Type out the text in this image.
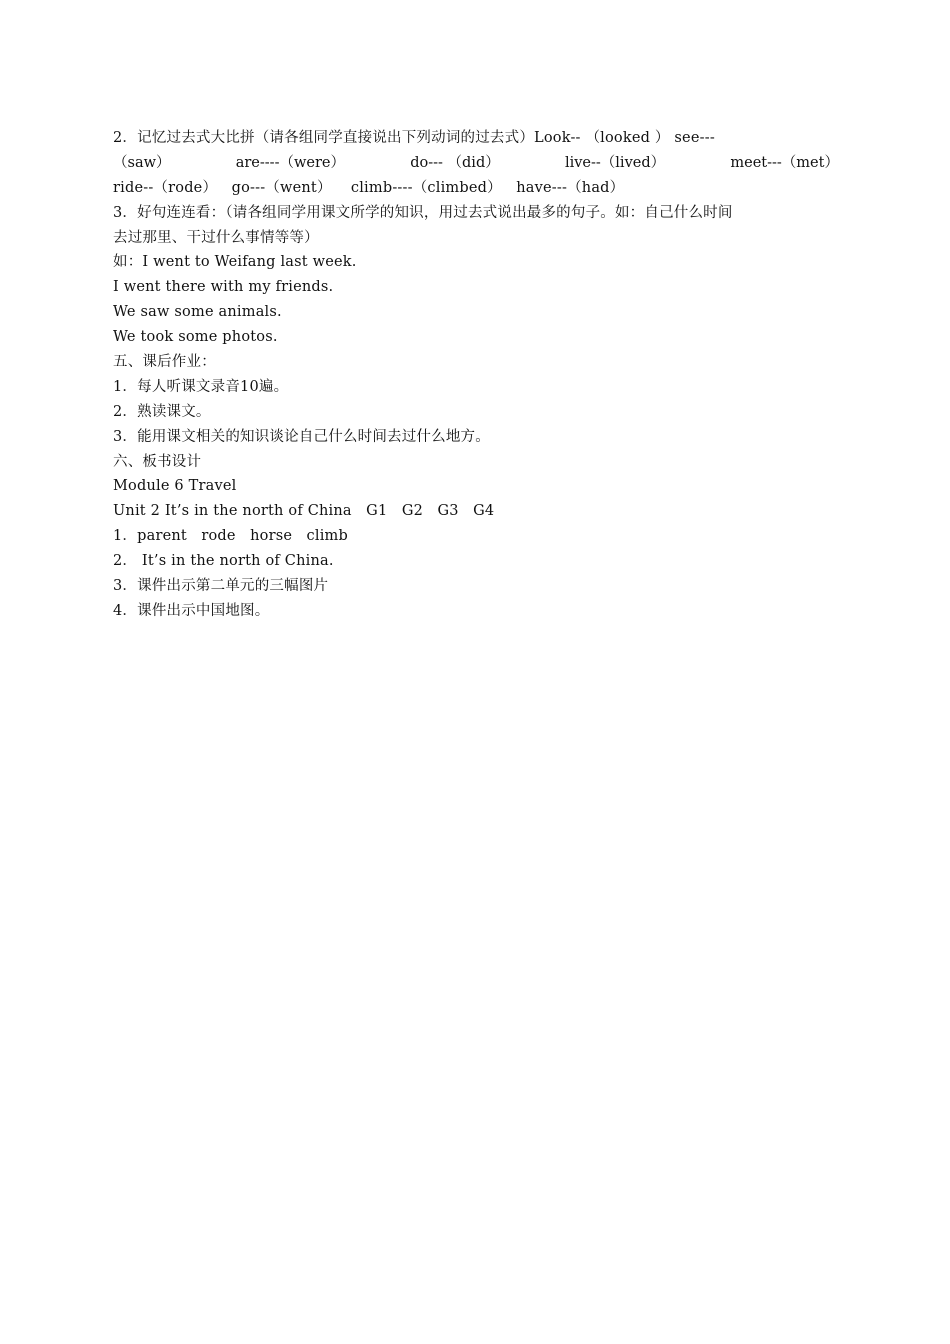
2．记忆过去式大比拼（请各组同学直接说出下列动词的过去式）Look-- （looked ） see---
（saw）	are----（were）	do--- （did）	live--（lived）	meet---（met）
ride--（rode）   go---（went）    climb----（climbed）   have---（had）
3．好句连连看：（请各组同学用课文所学的知识，用过去式说出最多的句子。如：自己什么时间
去过那里、干过什么事情等等）
如：I went to Weifang last week.
I went there with my friends.
We saw some animals.
We took some photos.
五、课后作业：
1．每人听课文录音10遍。
2．熟读课文。
3．能用课文相关的知识谈论自己什么时间去过什么地方。
六、板书设计
Module 6 Travel
Unit 2 It’s in the north of China   G1   G2   G3   G4
1．parent   rode   horse   climb
2． It’s in the north of China.
3．课件出示第二单元的三幅图片
4．课件出示中国地图。
